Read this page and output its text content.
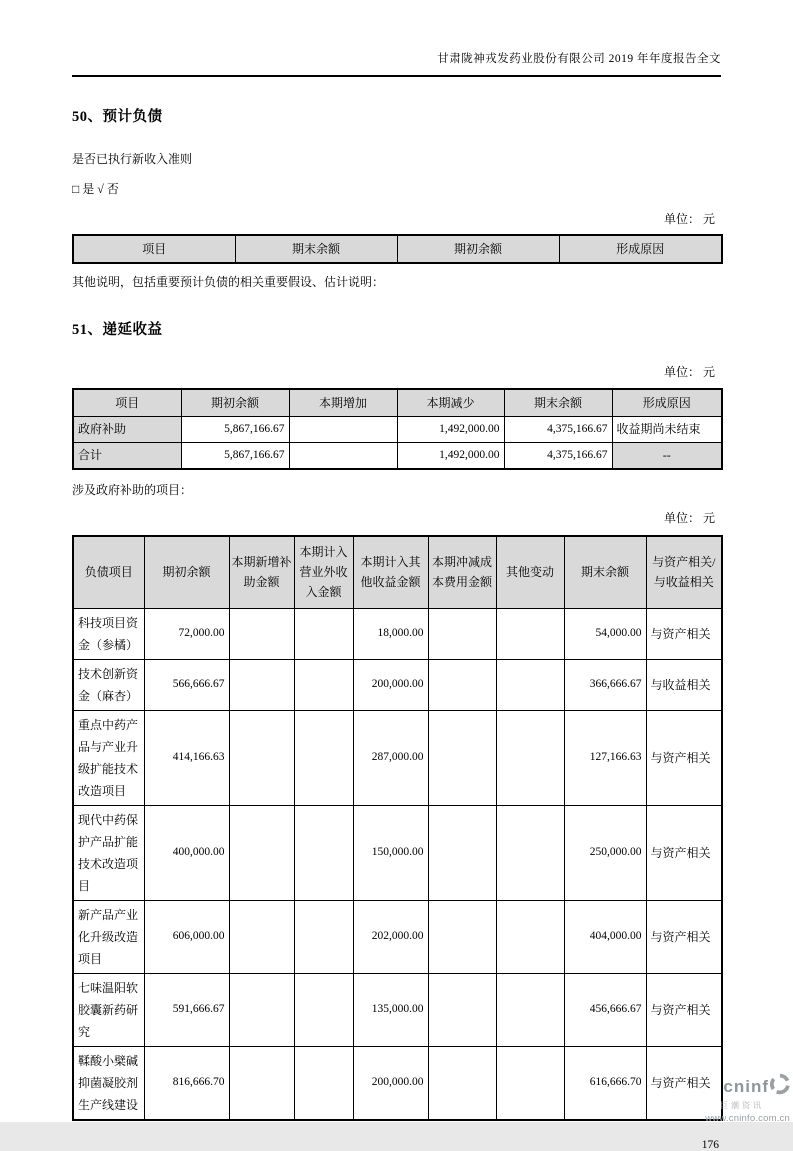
甘肃陇神戎发药业股份有限公司 2019 年年度报告全文
50、预计负债
是否已执行新收入准则
□ 是 √ 否
单位： 元
项目	期末余额	期初余额	形成原因
其他说明，包括重要预计负债的相关重要假设、估计说明：
51、递延收益
单位： 元
项目	期初余额	本期增加	本期减少	期末余额	形成原因
政府补助	5,867,166.67		1,492,000.00	4,375,166.67	收益期尚未结束
合计	5,867,166.67		1,492,000.00	4,375,166.67	--
涉及政府补助的项目：
单位： 元
负债项目	期初余额	本期新增补助金额	本期计入营业外收入金额	本期计入其他收益金额	本期冲减成本费用金额	其他变动	期末余额	与资产相关/与收益相关
科技项目资金（参橘）	72,000.00			18,000.00			54,000.00	与资产相关
技术创新资金（麻杏）	566,666.67			200,000.00			366,666.67	与收益相关
重点中药产品与产业升级扩能技术改造项目	414,166.63			287,000.00			127,166.63	与资产相关
现代中药保护产品扩能技术改造项目	400,000.00			150,000.00			250,000.00	与资产相关
新产品产业化升级改造项目	606,000.00			202,000.00			404,000.00	与资产相关
七味温阳软胶囊新药研究	591,666.67			135,000.00			456,666.67	与资产相关
鞣酸小檗碱抑菌凝胶剂生产线建设	816,666.70			200,000.00			616,666.70	与资产相关
176
cninf
巨潮资讯
www.cninfo.com.cn
